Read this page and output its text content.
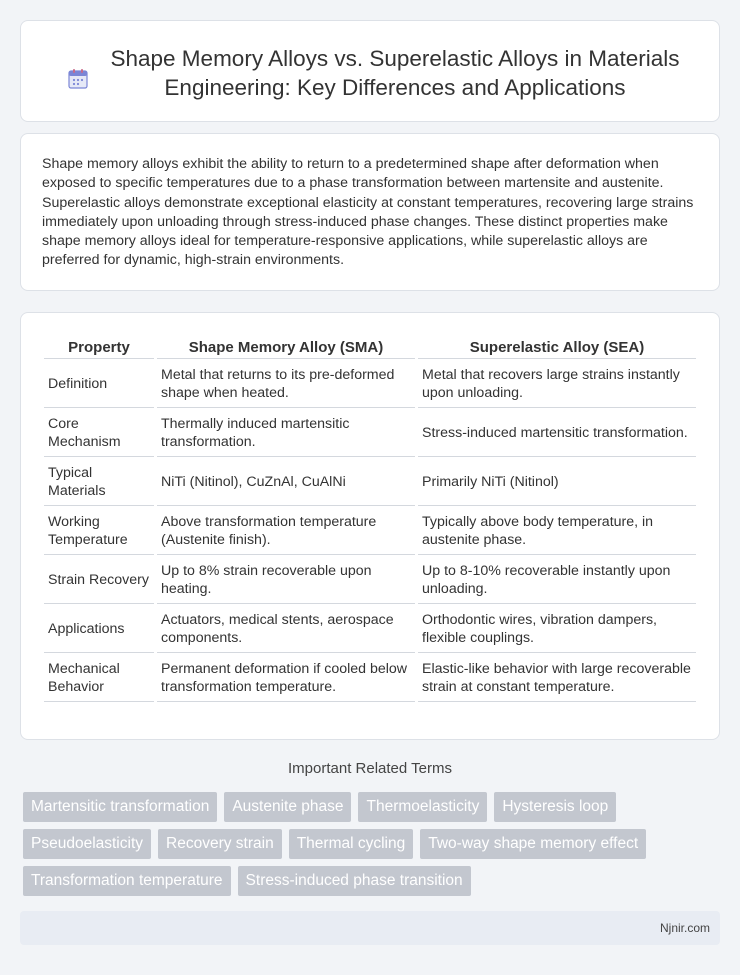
Shape Memory Alloys vs. Superelastic Alloys in Materials Engineering: Key Differences and Applications

Shape memory alloys exhibit the ability to return to a predetermined shape after deformation when exposed to specific temperatures due to a phase transformation between martensite and austenite. Superelastic alloys demonstrate exceptional elasticity at constant temperatures, recovering large strains immediately upon unloading through stress-induced phase changes. These distinct properties make shape memory alloys ideal for temperature-responsive applications, while superelastic alloys are preferred for dynamic, high-strain environments.

Property	Shape Memory Alloy (SMA)	Superelastic Alloy (SEA)
Definition	Metal that returns to its pre-deformed shape when heated.	Metal that recovers large strains instantly upon unloading.
Core Mechanism	Thermally induced martensitic transformation.	Stress-induced martensitic transformation.
Typical Materials	NiTi (Nitinol), CuZnAl, CuAlNi	Primarily NiTi (Nitinol)
Working Temperature	Above transformation temperature (Austenite finish).	Typically above body temperature, in austenite phase.
Strain Recovery	Up to 8% strain recoverable upon heating.	Up to 8-10% recoverable instantly upon unloading.
Applications	Actuators, medical stents, aerospace components.	Orthodontic wires, vibration dampers, flexible couplings.
Mechanical Behavior	Permanent deformation if cooled below transformation temperature.	Elastic-like behavior with large recoverable strain at constant temperature.
Important Related Terms
Martensitic transformation	Austenite phase	Thermoelasticity	Hysteresis loop
Pseudoelasticity	Recovery strain	Thermal cycling	Two-way shape memory effect
Transformation temperature	Stress-induced phase transition
Njnir.com
